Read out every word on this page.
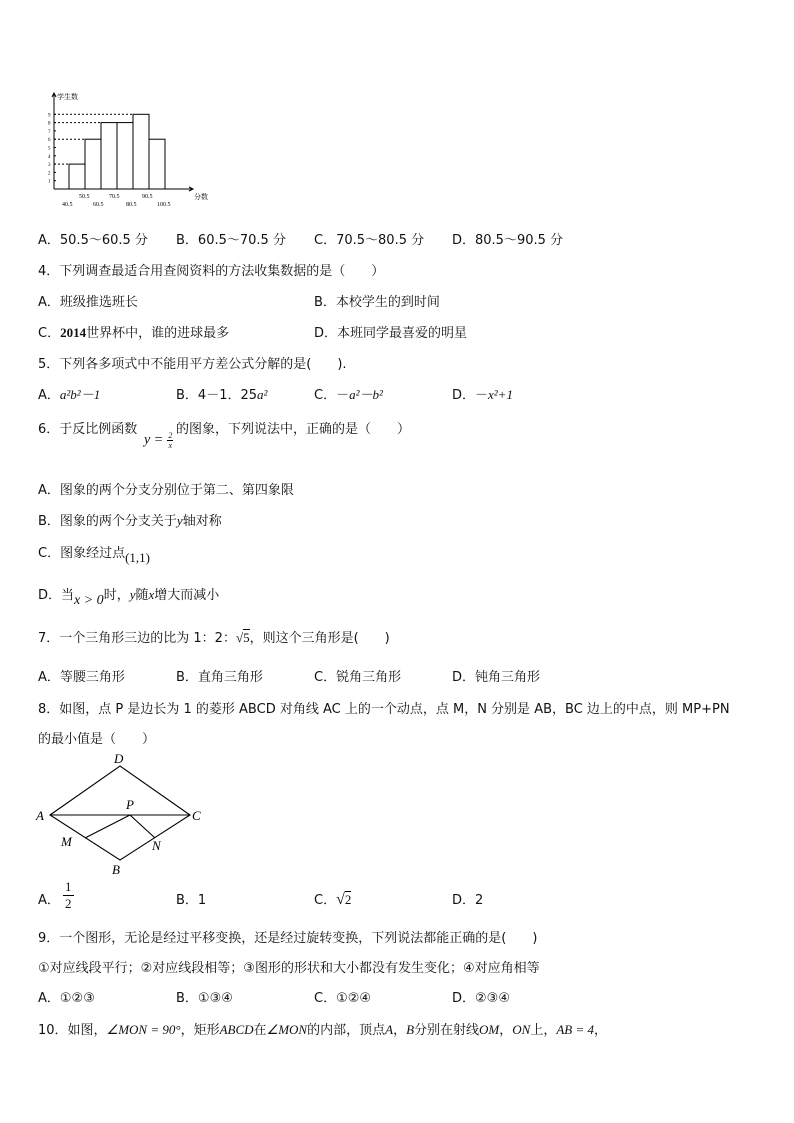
学生数
分数
50.5	70.5	90.5
40.5	60.5	80.5	100.5
1
2
3
4
5
6
7
8
9
A．50.5～60.5 分 B．60.5～70.5 分 C．70.5～80.5 分 D．80.5～90.5 分
4．下列调查最适合用查阅资料的方法收集数据的是（　　）
A．班级推选班长	B．本校学生的到时间
C．2014世界杯中，谁的进球最多	D．本班同学最喜爱的明星
5．下列各多项式中不能用平方差公式分解的是(　　).
A．a²b²－1	B．4－1．25a²	C．－a²－b²	D．－x²+1
6．于反比例函数	的图象，下列说法中，正确的是（　　）
$y = \frac{2}{x}$
A．图象的两个分支分别位于第二、第四象限
B．图象的两个分支关于y轴对称
C．图象经过点(1,1)
D．当x > 0时，y随x增大而减小
7．一个三角形三边的比为 1：2：√5，则这个三角形是(　　)
A．等腰三角形	B．直角三角形	C．锐角三角形	D．钝角三角形
8．如图，点 P 是边长为 1 的菱形 ABCD 对角线 AC 上的一个动点，点 M，N 分别是 AB，BC 边上的中点，则 MP+PN
的最小值是（　　）
D
A	C
P
M	N
B
A． $\frac{1}{2}$	B．1	C．√2	D．2
9．一个图形，无论是经过平移变换，还是经过旋转变换，下列说法都能正确的是(　　)
①对应线段平行；②对应线段相等；③图形的形状和大小都没有发生变化；④对应角相等
A．①②③	B．①③④	C．①②④	D．②③④
10．如图，∠MON = 90°，矩形ABCD在∠MON的内部，顶点A，B分别在射线OM，ON上，AB = 4，
